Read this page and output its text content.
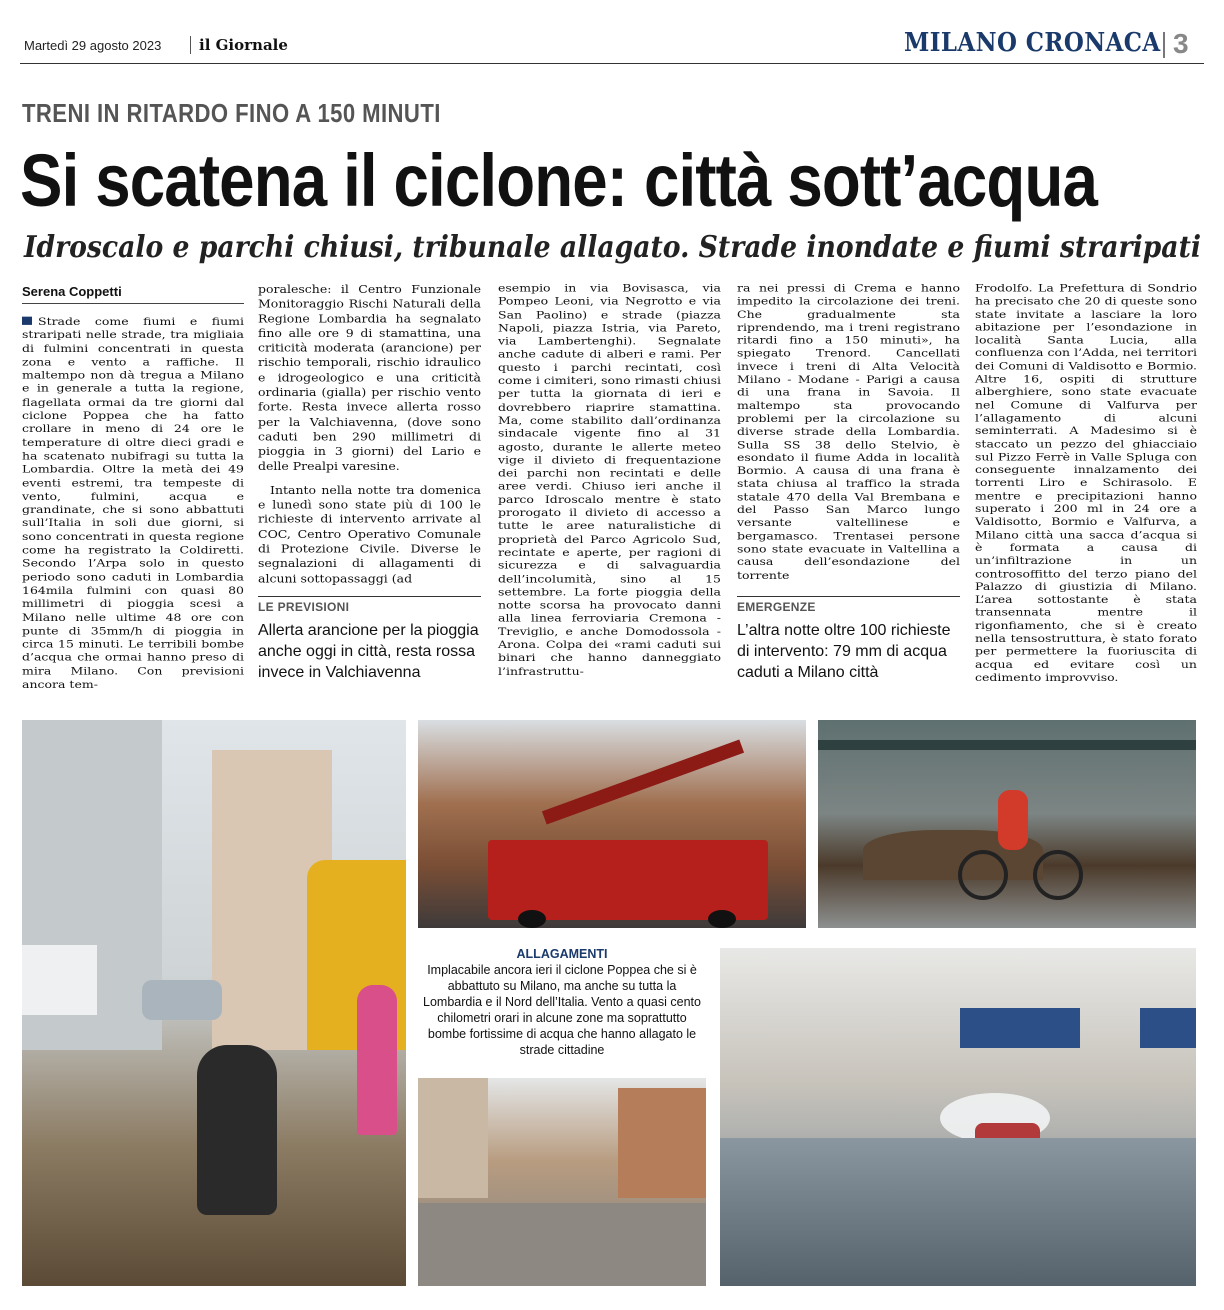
Martedì 29 agosto 2023	il Giornale	MILANO CRONACA 3
TRENI IN RITARDO FINO A 150 MINUTI
Si scatena il ciclone: città sott’acqua
Idroscalo e parchi chiusi, tribunale allagato. Strade inondate e fiumi straripati
Serena Coppetti

Strade come fiumi e fiumi straripati nelle strade, tra migliaia di fulmini concentrati in questa zona e vento a raffiche. Il maltempo non dà tregua a Milano e in generale a tutta la regione, flagellata ormai da tre giorni dal ciclone Poppea che ha fatto crollare in meno di 24 ore le temperature di oltre dieci gradi e ha scatenato nubifragi su tutta la Lombardia. Oltre la metà dei 49 eventi estremi, tra tempeste di vento, fulmini, acqua e grandinate, che si sono abbattuti sull’Italia in soli due giorni, si sono concentrati in questa regione come ha registrato la Coldiretti. Secondo l’Arpa solo in questo periodo sono caduti in Lombardia 164mila fulmini con quasi 80 millimetri di pioggia scesi a Milano nelle ultime 48 ore con punte di 35mm/h di pioggia in circa 15 minuti. Le terribili bombe d’acqua che ormai hanno preso di mira Milano. Con previsioni ancora tem-

poralesche: il Centro Funzionale Monitoraggio Rischi Naturali della Regione Lombardia ha segnalato fino alle ore 9 di stamattina, una criticità moderata (arancione) per rischio temporali, rischio idraulico e idrogeologico e una criticità ordinaria (gialla) per rischio vento forte. Resta invece allerta rosso per la Valchiavenna, (dove sono caduti ben 290 millimetri di pioggia in 3 giorni) del Lario e delle Prealpi varesine.

Intanto nella notte tra domenica e lunedì sono state più di 100 le richieste di intervento arrivate al COC, Centro Operativo Comunale di Protezione Civile. Diverse le segnalazioni di allagamenti di alcuni sottopassaggi (ad

esempio in via Bovisasca, via Pompeo Leoni, via Negrotto e via San Paolino) e strade (piazza Napoli, piazza Istria, via Pareto, via Lambertenghi). Segnalate anche cadute di alberi e rami. Per questo i parchi recintati, così come i cimiteri, sono rimasti chiusi per tutta la giornata di ieri e dovrebbero riaprire stamattina. Ma, come stabilito dall’ordinanza sindacale vigente fino al 31 agosto, durante le allerte meteo vige il divieto di frequentazione dei parchi non recintati e delle aree verdi. Chiuso ieri anche il parco Idroscalo mentre è stato prorogato il divieto di accesso a tutte le aree naturalistiche di proprietà del Parco Agricolo Sud, recintate e aperte, per ragioni di sicurezza e di salvaguardia dell’incolumità, sino al 15 settembre. La forte pioggia della notte scorsa ha provocato danni alla linea ferroviaria Cremona - Treviglio, e anche Domodossola - Arona. Colpa dei «rami caduti sui binari che hanno danneggiato l’infrastruttu-

ra nei pressi di Crema e hanno impedito la circolazione dei treni. Che gradualmente sta riprendendo, ma i treni registrano ritardi fino a 150 minuti», ha spiegato Trenord. Cancellati invece i treni di Alta Velocità Milano - Modane - Parigi a causa di una frana in Savoia. Il maltempo sta provocando problemi per la circolazione su diverse strade della Lombardia. Sulla SS 38 dello Stelvio, è esondato il fiume Adda in località Bormio. A causa di una frana è stata chiusa al traffico la strada statale 470 della Val Brembana e del Passo San Marco lungo versante valtellinese e bergamasco. Trentasei persone sono state evacuate in Valtellina a causa dell’esondazione del torrente

Frodolfo. La Prefettura di Sondrio ha precisato che 20 di queste sono state invitate a lasciare la loro abitazione per l’esondazione in località Santa Lucia, alla confluenza con l’Adda, nei territori dei Comuni di Valdisotto e Bormio. Altre 16, ospiti di strutture alberghiere, sono state evacuate nel Comune di Valfurva per l’allagamento di alcuni seminterrati. A Madesimo si è staccato un pezzo del ghiacciaio sul Pizzo Ferrè in Valle Spluga con conseguente innalzamento dei torrenti Liro e Schirasolo. E mentre e precipitazioni hanno superato i 200 ml in 24 ore a Valdisotto, Bormio e Valfurva, a Milano città una sacca d’acqua si è formata a causa di un’infiltrazione in un controsoffitto del terzo piano del Palazzo di giustizia di Milano. L’area sottostante è stata transennata mentre il rigonfiamento, che si è creato nella tensostruttura, è stato forato per permettere la fuoriuscita di acqua ed evitare così un cedimento improvviso.

LE PREVISIONI
Allerta arancione per la pioggia anche oggi in città, resta rossa invece in Valchiavenna
EMERGENZE
L’altra notte oltre 100 richieste di intervento: 79 mm di acqua caduti a Milano città
ALLAGAMENTI
Implacabile ancora ieri il ciclone Poppea che si è abbattuto su Milano, ma anche su tutta la Lombardia e il Nord dell’Italia. Vento a quasi cento chilometri orari in alcune zone ma soprattutto bombe fortissime di acqua che hanno allagato le strade cittadine
